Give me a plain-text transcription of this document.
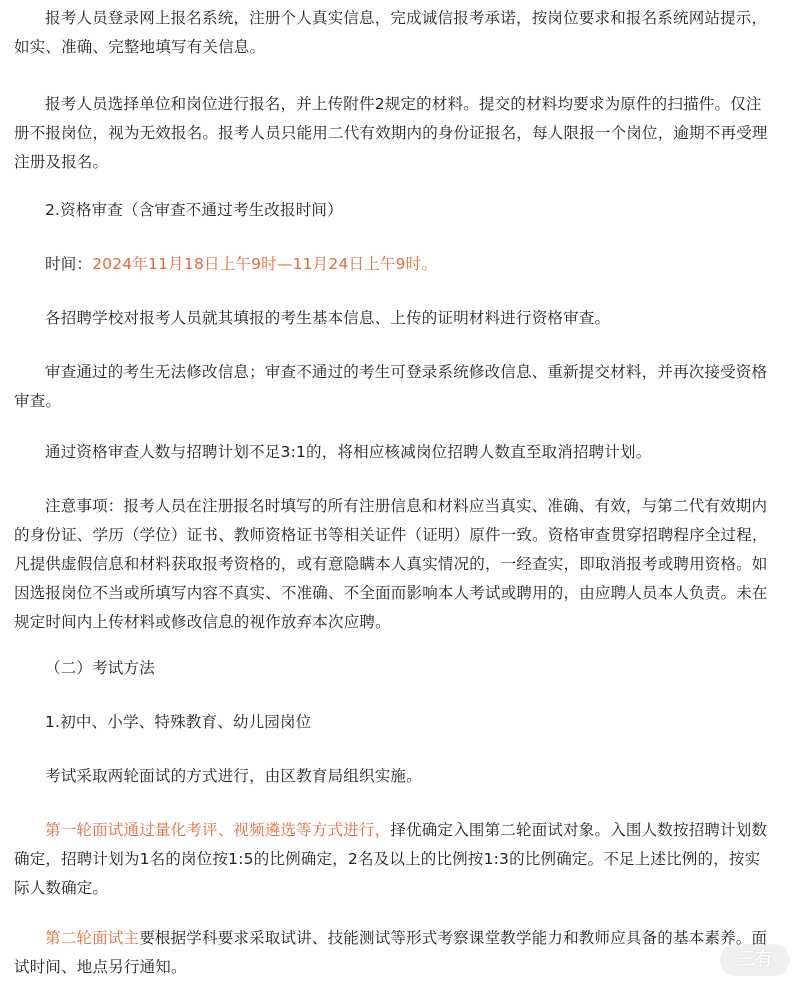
报考人员登录网上报名系统，注册个人真实信息，完成诚信报考承诺，按岗位要求和报名系统网站提示，如实、准确、完整地填写有关信息。

报考人员选择单位和岗位进行报名，并上传附件2规定的材料。提交的材料均要求为原件的扫描件。仅注册不报岗位，视为无效报名。报考人员只能用二代有效期内的身份证报名，每人限报一个岗位，逾期不再受理注册及报名。

2.资格审查（含审查不通过考生改报时间）

时间：2024年11月18日上午9时—11月24日上午9时。

各招聘学校对报考人员就其填报的考生基本信息、上传的证明材料进行资格审查。

审查通过的考生无法修改信息；审查不通过的考生可登录系统修改信息、重新提交材料，并再次接受资格审查。

通过资格审查人数与招聘计划不足3:1的，将相应核减岗位招聘人数直至取消招聘计划。

注意事项：报考人员在注册报名时填写的所有注册信息和材料应当真实、准确、有效，与第二代有效期内的身份证、学历（学位）证书、教师资格证书等相关证件（证明）原件一致。资格审查贯穿招聘程序全过程，凡提供虚假信息和材料获取报考资格的，或有意隐瞒本人真实情况的，一经查实，即取消报考或聘用资格。如因选报岗位不当或所填写内容不真实、不准确、不全面而影响本人考试或聘用的，由应聘人员本人负责。未在规定时间内上传材料或修改信息的视作放弃本次应聘。

（二）考试方法

1.初中、小学、特殊教育、幼儿园岗位

考试采取两轮面试的方式进行，由区教育局组织实施。

第一轮面试通过量化考评、视频遴选等方式进行，择优确定入围第二轮面试对象。入围人数按招聘计划数确定，招聘计划为1名的岗位按1:5的比例确定，2名及以上的比例按1:3的比例确定。不足上述比例的，按实际人数确定。

第二轮面试主要根据学科要求采取试讲、技能测试等形式考察课堂教学能力和教师应具备的基本素养。面试时间、地点另行通知。	三有
